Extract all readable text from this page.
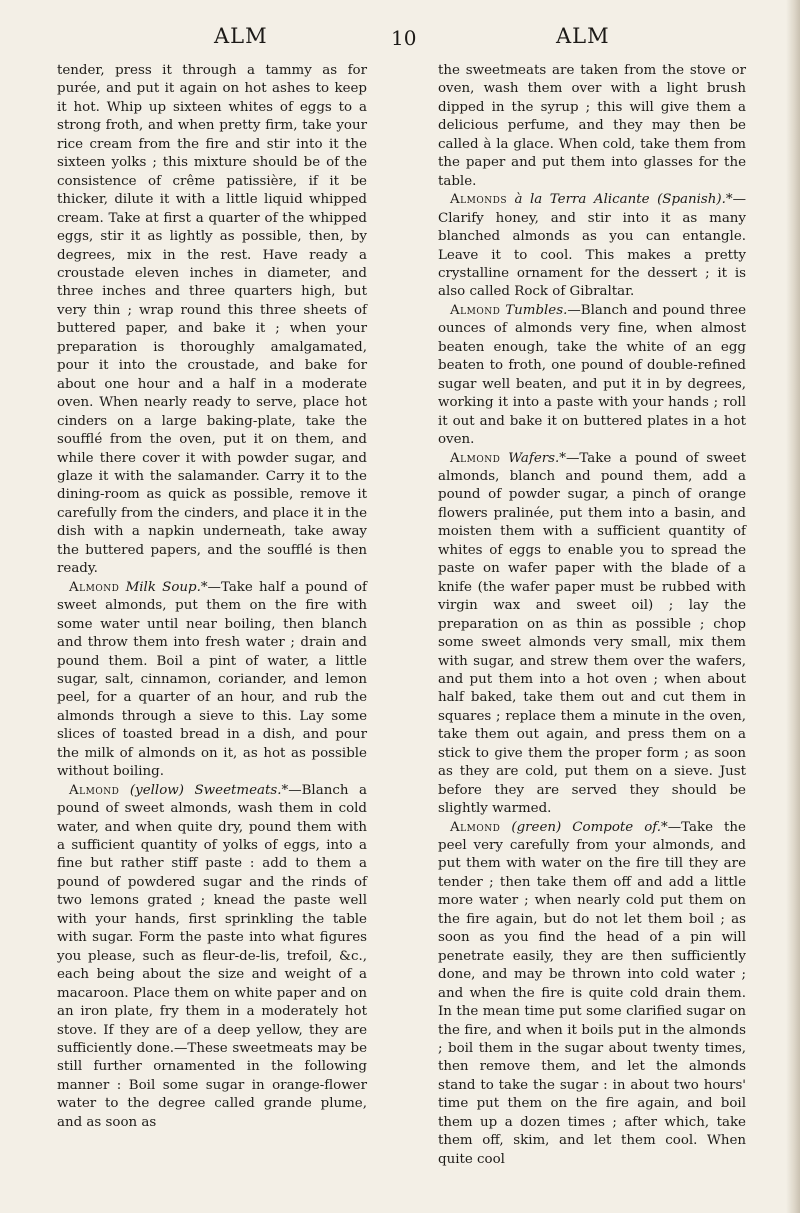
ALM	10	ALM

tender, press it through a tammy as for purée, and put it again on hot ashes to keep it hot. Whip up sixteen whites of eggs to a strong froth, and when pretty firm, take your rice cream from the fire and stir into it the sixteen yolks ; this mixture should be of the consistence of crême patissière, if it be thicker, dilute it with a little liquid whipped cream. Take at first a quarter of the whipped eggs, stir it as lightly as possible, then, by degrees, mix in the rest. Have ready a croustade eleven inches in diameter, and three inches and three quarters high, but very thin ; wrap round this three sheets of buttered paper, and bake it ; when your preparation is thoroughly amalgamated, pour it into the croustade, and bake for about one hour and a half in a moderate oven. When nearly ready to serve, place hot cinders on a large baking-plate, take the soufflé from the oven, put it on them, and while there cover it with powder sugar, and glaze it with the salamander. Carry it to the dining-room as quick as possible, remove it carefully from the cinders, and place it in the dish with a napkin underneath, take away the buttered papers, and the soufflé is then ready.

Almond Milk Soup.*—Take half a pound of sweet almonds, put them on the fire with some water until near boiling, then blanch and throw them into fresh water ; drain and pound them. Boil a pint of water, a little sugar, salt, cinnamon, coriander, and lemon peel, for a quarter of an hour, and rub the almonds through a sieve to this. Lay some slices of toasted bread in a dish, and pour the milk of almonds on it, as hot as possible without boiling.

Almond (yellow) Sweetmeats.*—Blanch a pound of sweet almonds, wash them in cold water, and when quite dry, pound them with a sufficient quantity of yolks of eggs, into a fine but rather stiff paste : add to them a pound of powdered sugar and the rinds of two lemons grated ; knead the paste well with your hands, first sprinkling the table with sugar. Form the paste into what figures you please, such as fleur-de-lis, trefoil, &c., each being about the size and weight of a macaroon. Place them on white paper and on an iron plate, fry them in a moderately hot stove. If they are of a deep yellow, they are sufficiently done.—These sweetmeats may be still further ornamented in the following manner : Boil some sugar in orange-flower water to the degree called grande plume, and as soon as

the sweetmeats are taken from the stove or oven, wash them over with a light brush dipped in the syrup ; this will give them a delicious perfume, and they may then be called à la glace. When cold, take them from the paper and put them into glasses for the table.

Almonds à la Terra Alicante (Spanish).*—Clarify honey, and stir into it as many blanched almonds as you can entangle. Leave it to cool. This makes a pretty crystalline ornament for the dessert ; it is also called Rock of Gibraltar.

Almond Tumbles.—Blanch and pound three ounces of almonds very fine, when almost beaten enough, take the white of an egg beaten to froth, one pound of double-refined sugar well beaten, and put it in by degrees, working it into a paste with your hands ; roll it out and bake it on buttered plates in a hot oven.

Almond Wafers.*—Take a pound of sweet almonds, blanch and pound them, add a pound of powder sugar, a pinch of orange flowers pralinée, put them into a basin, and moisten them with a sufficient quantity of whites of eggs to enable you to spread the paste on wafer paper with the blade of a knife (the wafer paper must be rubbed with virgin wax and sweet oil) ; lay the preparation on as thin as possible ; chop some sweet almonds very small, mix them with sugar, and strew them over the wafers, and put them into a hot oven ; when about half baked, take them out and cut them in squares ; replace them a minute in the oven, take them out again, and press them on a stick to give them the proper form ; as soon as they are cold, put them on a sieve. Just before they are served they should be slightly warmed.

Almond (green) Compote of.*—Take the peel very carefully from your almonds, and put them with water on the fire till they are tender ; then take them off and add a little more water ; when nearly cold put them on the fire again, but do not let them boil ; as soon as you find the head of a pin will penetrate easily, they are then sufficiently done, and may be thrown into cold water ; and when the fire is quite cold drain them. In the mean time put some clarified sugar on the fire, and when it boils put in the almonds ; boil them in the sugar about twenty times, then remove them, and let the almonds stand to take the sugar : in about two hours' time put them on the fire again, and boil them up a dozen times ; after which, take them off, skim, and let them cool. When quite cool
